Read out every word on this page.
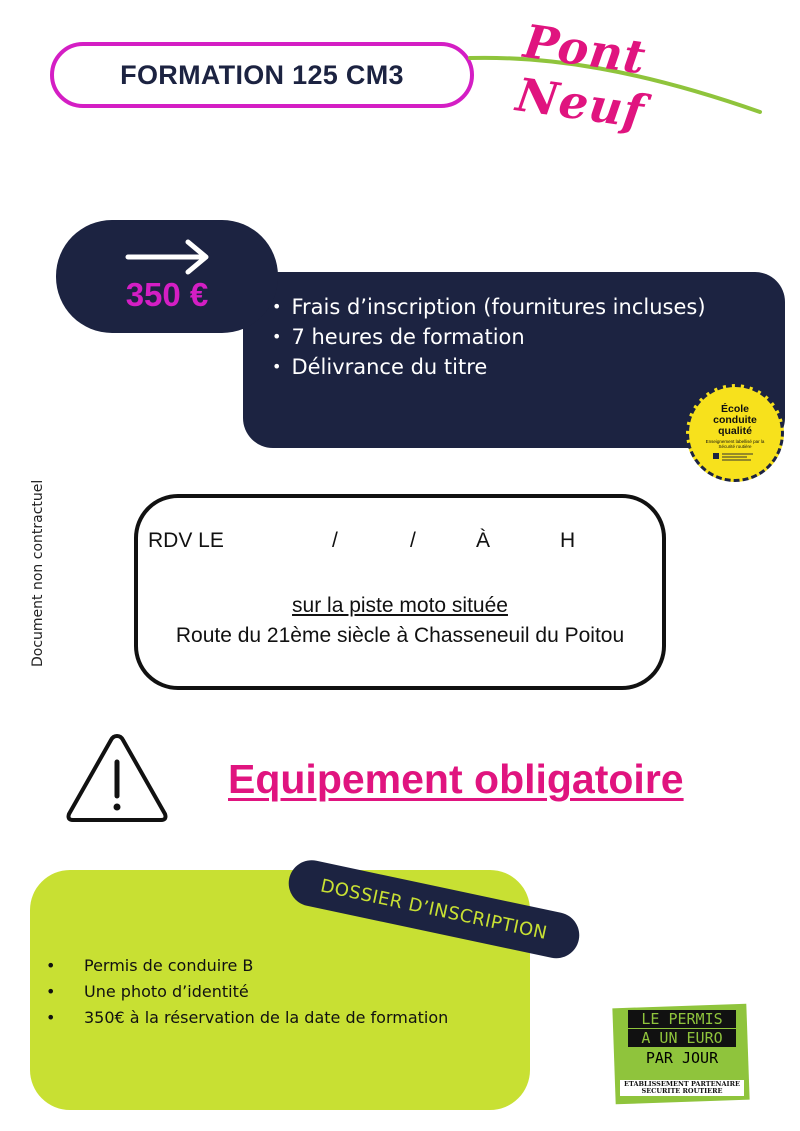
FORMATION 125 CM3	Pont Neuf
350 €
•	Frais d’inscription (fournitures incluses)
• 7 heures de formation
• Délivrance du titre
École conduite qualité
Enseignement labellisé par la Sécurité routière
Document non contractuel	RDV LE	/	/	À	H
sur la piste moto située
Route du 21ème siècle à Chasseneuil du Poitou
Equipement obligatoire
DOSSIER D’INSCRIPTION
• Permis de conduire B
• Une photo d’identité
• 350€ à la réservation de la date de formation	LE PERMIS
A UN EURO
PAR JOUR
ETABLISSEMENT PARTENAIRE SECURITE ROUTIERE
